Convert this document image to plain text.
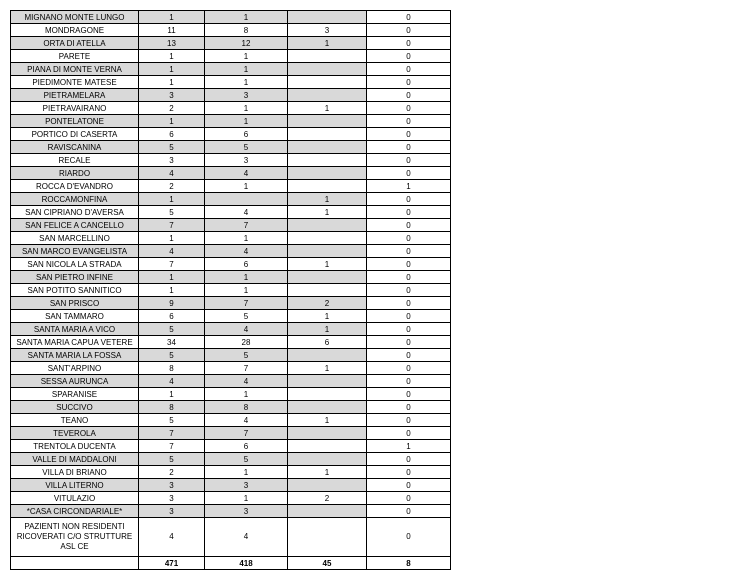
MIGNANO MONTE LUNGO	1	1		0
MONDRAGONE	11	8	3	0
ORTA DI ATELLA	13	12	1	0
PARETE	1	1		0
PIANA DI MONTE VERNA	1	1		0
PIEDIMONTE MATESE	1	1		0
PIETRAMELARA	3	3		0
PIETRAVAIRANO	2	1	1	0
PONTELATONE	1	1		0
PORTICO DI CASERTA	6	6		0
RAVISCANINA	5	5		0
RECALE	3	3		0
RIARDO	4	4		0
ROCCA D'EVANDRO	2	1		1
ROCCAMONFINA	1		1	0
SAN CIPRIANO D'AVERSA	5	4	1	0
SAN FELICE A CANCELLO	7	7		0
SAN MARCELLINO	1	1		0
SAN MARCO EVANGELISTA	4	4		0
SAN NICOLA LA STRADA	7	6	1	0
SAN PIETRO INFINE	1	1		0
SAN POTITO SANNITICO	1	1		0
SAN PRISCO	9	7	2	0
SAN TAMMARO	6	5	1	0
SANTA MARIA A VICO	5	4	1	0
SANTA MARIA CAPUA VETERE	34	28	6	0
SANTA MARIA LA FOSSA	5	5		0
SANT'ARPINO	8	7	1	0
SESSA AURUNCA	4	4		0
SPARANISE	1	1		0
SUCCIVO	8	8		0
TEANO	5	4	1	0
TEVEROLA	7	7		0
TRENTOLA DUCENTA	7	6		1
VALLE DI MADDALONI	5	5		0
VILLA DI BRIANO	2	1	1	0
VILLA LITERNO	3	3		0
VITULAZIO	3	1	2	0
*CASA CIRCONDARIALE*	3	3		0
PAZIENTI NON RESIDENTI RICOVERATI C/O STRUTTURE ASL CE	4	4		0
	471	418	45	8
